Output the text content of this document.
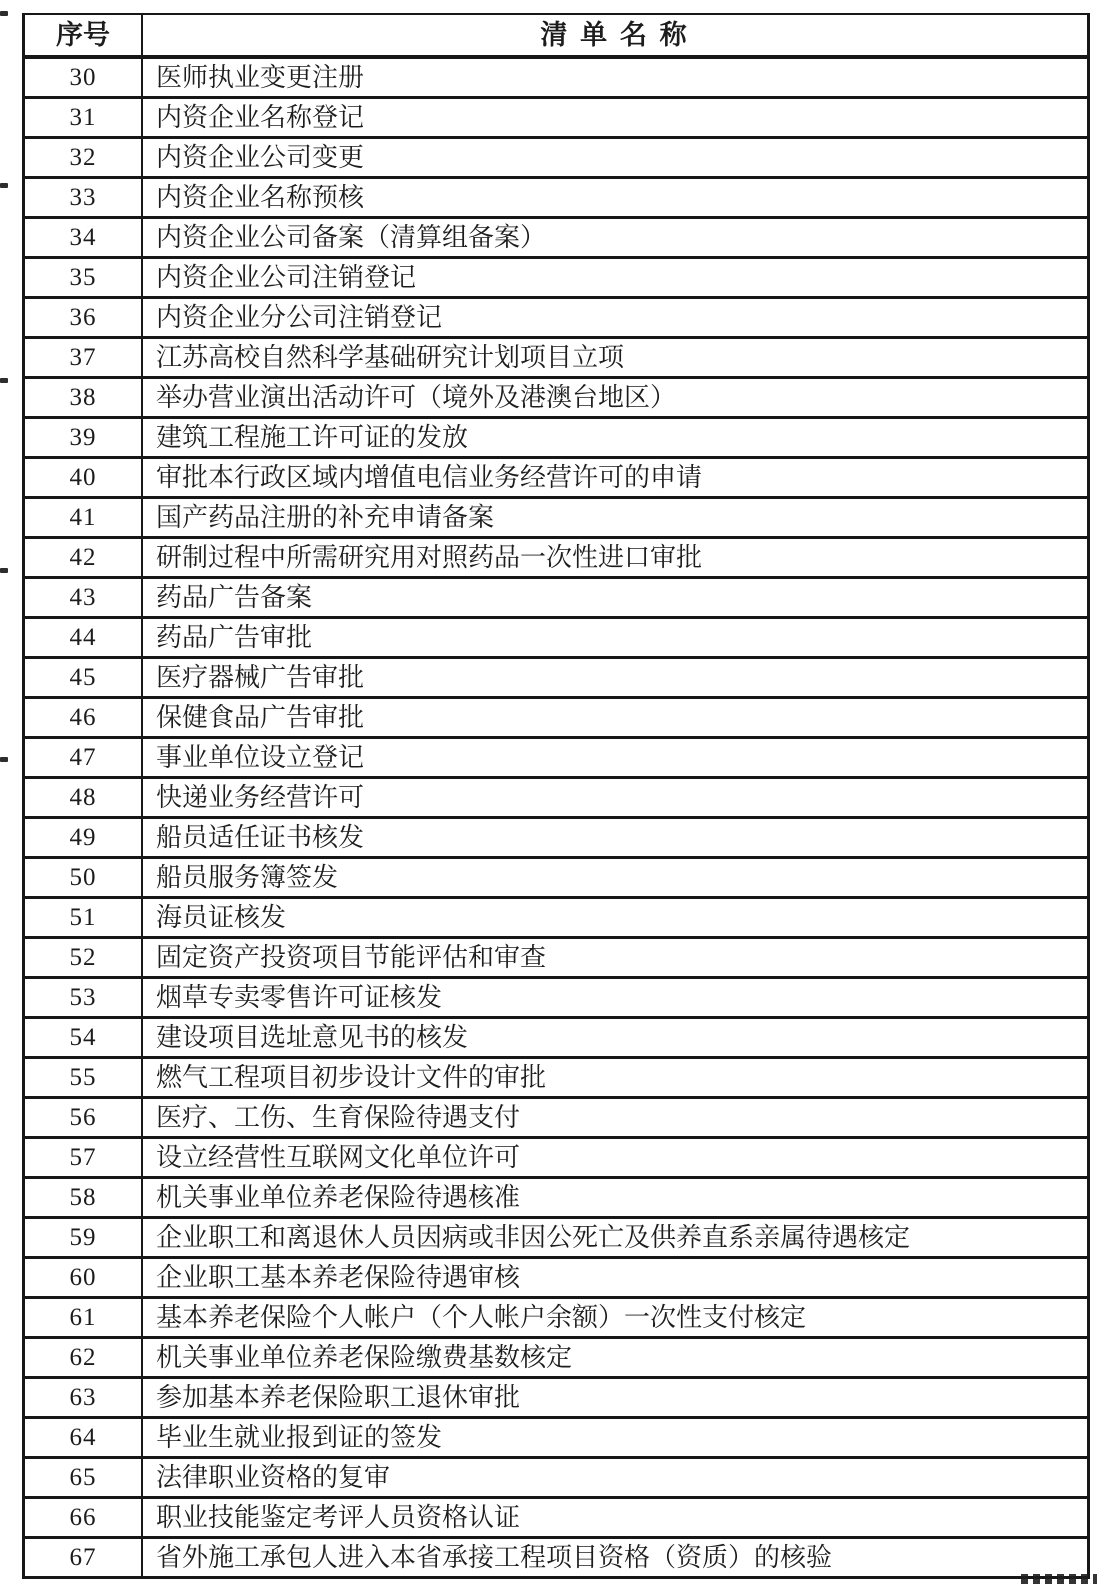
序号	清 单 名 称
30	医师执业变更注册
31	内资企业名称登记
32	内资企业公司变更
33	内资企业名称预核
34	内资企业公司备案（清算组备案）
35	内资企业公司注销登记
36	内资企业分公司注销登记
37	江苏高校自然科学基础研究计划项目立项
38	举办营业演出活动许可（境外及港澳台地区）
39	建筑工程施工许可证的发放
40	审批本行政区域内增值电信业务经营许可的申请
41	国产药品注册的补充申请备案
42	研制过程中所需研究用对照药品一次性进口审批
43	药品广告备案
44	药品广告审批
45	医疗器械广告审批
46	保健食品广告审批
47	事业单位设立登记
48	快递业务经营许可
49	船员适任证书核发
50	船员服务簿签发
51	海员证核发
52	固定资产投资项目节能评估和审查
53	烟草专卖零售许可证核发
54	建设项目选址意见书的核发
55	燃气工程项目初步设计文件的审批
56	医疗、工伤、生育保险待遇支付
57	设立经营性互联网文化单位许可
58	机关事业单位养老保险待遇核准
59	企业职工和离退休人员因病或非因公死亡及供养直系亲属待遇核定
60	企业职工基本养老保险待遇审核
61	基本养老保险个人帐户（个人帐户余额）一次性支付核定
62	机关事业单位养老保险缴费基数核定
63	参加基本养老保险职工退休审批
64	毕业生就业报到证的签发
65	法律职业资格的复审
66	职业技能鉴定考评人员资格认证
67	省外施工承包人进入本省承接工程项目资格（资质）的核验
